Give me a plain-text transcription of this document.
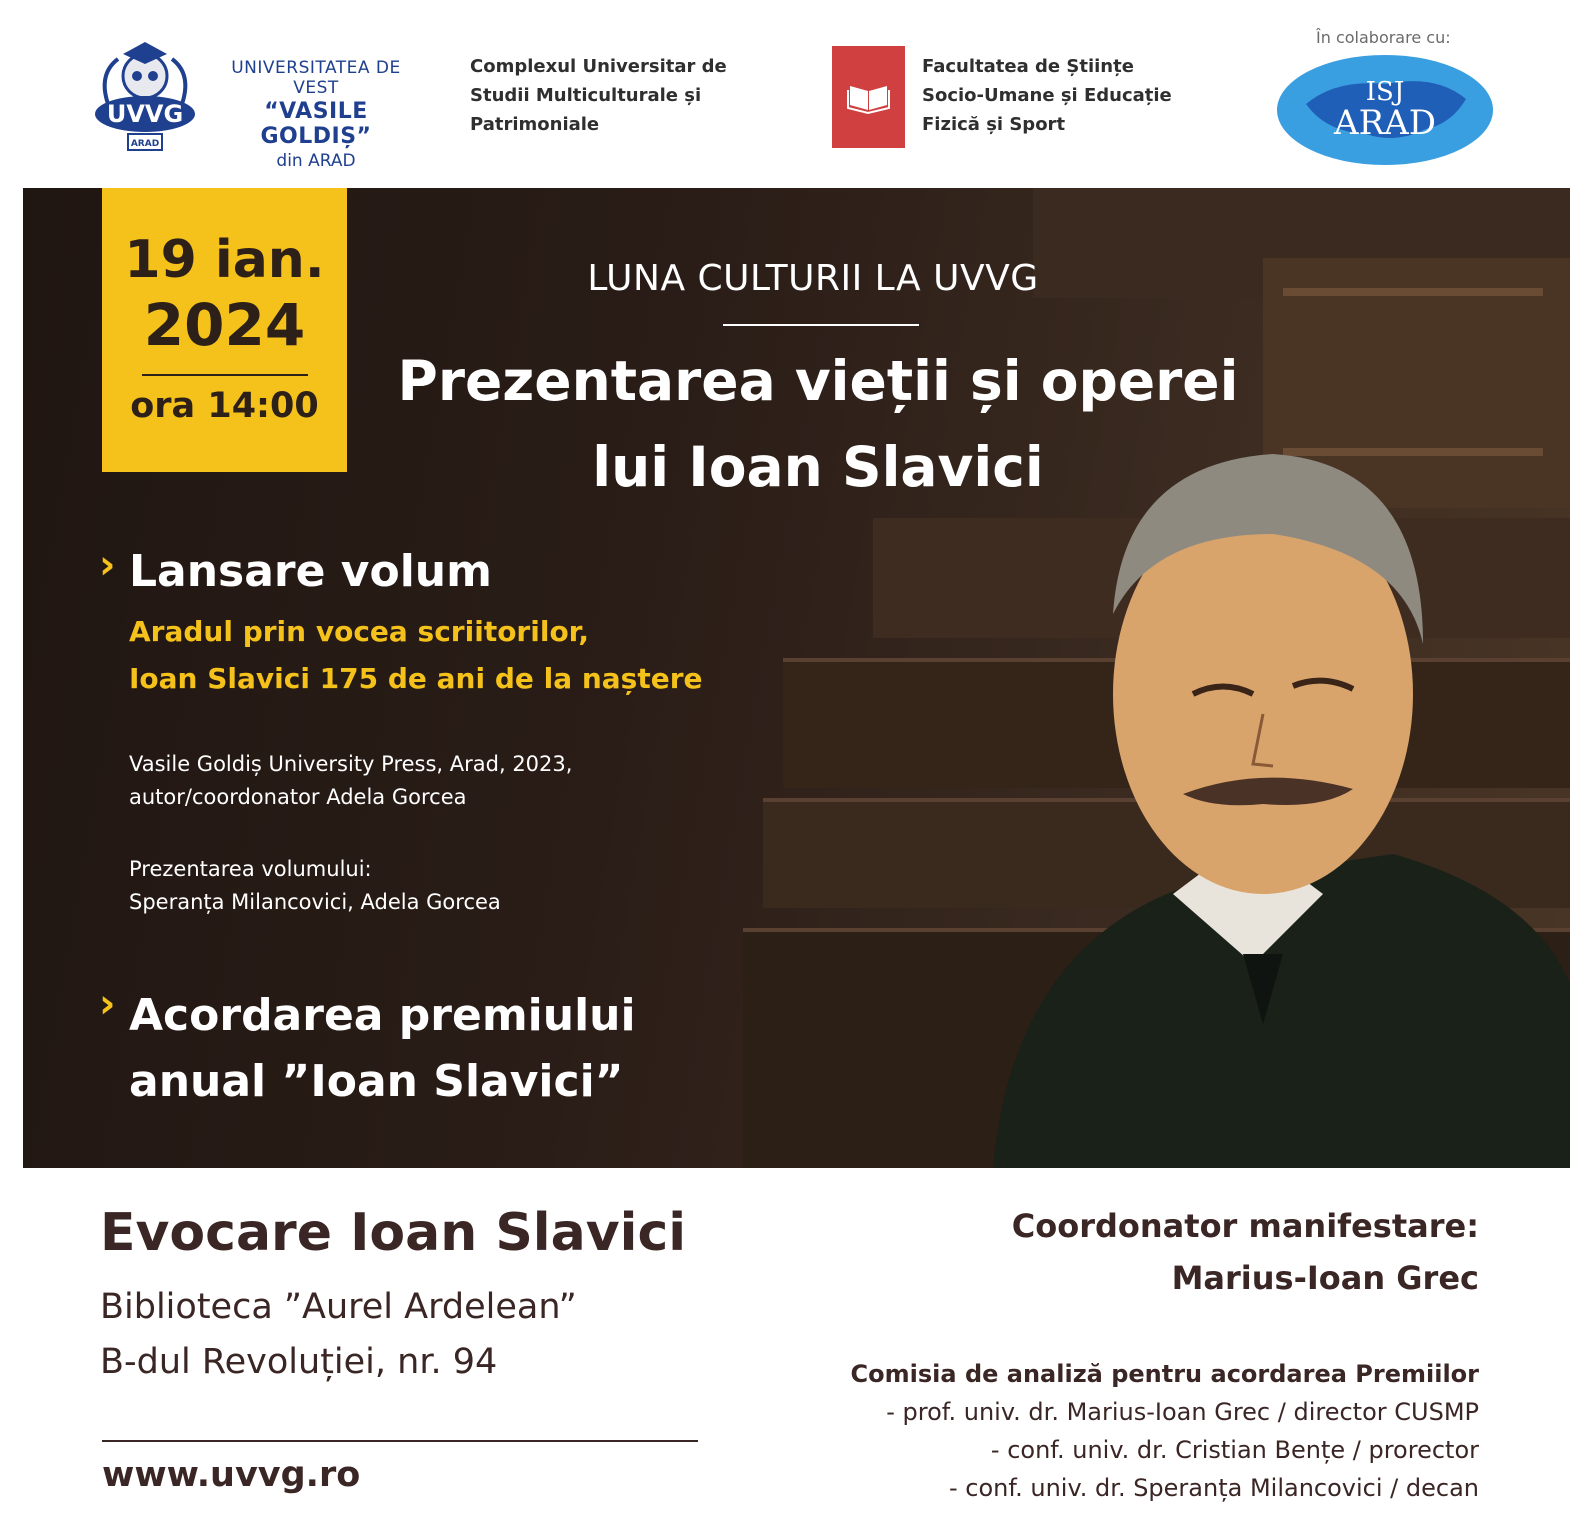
UVVG
ARAD
UNIVERSITATEA DE VEST
“VASILE GOLDIȘ”
din ARAD
Complexul Universitar de
Studii Multiculturale și
Patrimoniale
Facultatea de Științe
Socio-Umane și Educație
Fizică și Sport
În colaborare cu:
ISJ
ARAD
19 ian.
2024
ora 14:00
LUNA CULTURII LA UVVG
Prezentarea vieții și operei
lui Ioan Slavici
› Lansare volum
Aradul prin vocea scriitorilor,
Ioan Slavici 175 de ani de la naștere
Vasile Goldiș University Press, Arad, 2023,
autor/coordonator Adela Gorcea
Prezentarea volumului:
Speranța Milancovici, Adela Gorcea
› Acordarea premiului
anual ”Ioan Slavici”
Evocare Ioan Slavici
Biblioteca ”Aurel Ardelean”
B-dul Revoluției, nr. 94
www.uvvg.ro
Coordonator manifestare:
Marius-Ioan Grec
Comisia de analiză pentru acordarea Premiilor
- prof. univ. dr. Marius-Ioan Grec / director CUSMP
- conf. univ. dr. Cristian Bențe / prorector
- conf. univ. dr. Speranța Milancovici / decan
